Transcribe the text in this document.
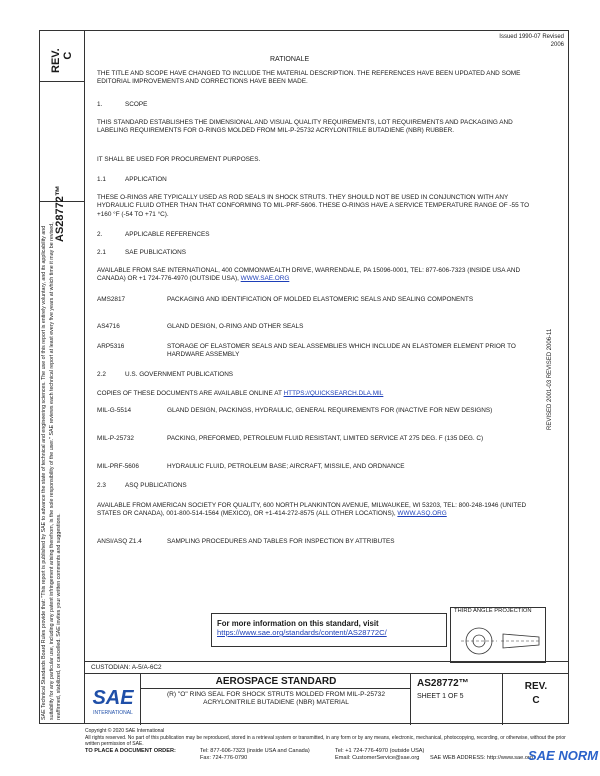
REV.
C
AS28772™
SAE Technical Standards Board Rules provide that: "This report is published by SAE to advance the state of technical and engineering sciences. The use of this report is entirely voluntary, and its applicability and suitability for any particular use, including any patent infringement arising therefrom, is the sole responsibility of the user." SAE reviews each technical report at least every five years at which time it may be revised, reaffirmed, stabilized, or cancelled. SAE invites your written comments and suggestions.
Issued 1990-07 Revised
2006
REVISED 2001-03 REVISED 2006-11
RATIONALE
THE TITLE AND SCOPE HAVE CHANGED TO INCLUDE THE MATERIAL DESCRIPTION. THE REFERENCES HAVE BEEN UPDATED AND SOME EDITORIAL IMPROVEMENTS AND CORRECTIONS HAVE BEEN MADE.
1.	SCOPE
THIS STANDARD ESTABLISHES THE DIMENSIONAL AND VISUAL QUALITY REQUIREMENTS, LOT REQUIREMENTS AND PACKAGING AND LABELING REQUIREMENTS FOR O-RINGS MOLDED FROM MIL-P-25732 ACRYLONITRILE BUTADIENE (NBR) RUBBER.
IT SHALL BE USED FOR PROCUREMENT PURPOSES.
1.1	APPLICATION
THESE O-RINGS ARE TYPICALLY USED AS ROD SEALS IN SHOCK STRUTS. THEY SHOULD NOT BE USED IN CONJUNCTION WITH ANY HYDRAULIC FLUID OTHER THAN THAT CONFORMING TO MIL-PRF-5606. THESE O-RINGS HAVE A SERVICE TEMPERATURE RANGE OF -55 TO +160 °F (-54 TO +71 °C).
2.	APPLICABLE REFERENCES
2.1	SAE PUBLICATIONS
AVAILABLE FROM SAE INTERNATIONAL, 400 COMMONWEALTH DRIVE, WARRENDALE, PA 15096-0001, TEL: 877-606-7323 (INSIDE USA AND CANADA) OR +1 724-776-4970 (OUTSIDE USA), WWW.SAE.ORG
AMS2817	PACKAGING AND IDENTIFICATION OF MOLDED ELASTOMERIC SEALS AND SEALING COMPONENTS
AS4716	GLAND DESIGN, O-RING AND OTHER SEALS
ARP5316	STORAGE OF ELASTOMER SEALS AND SEAL ASSEMBLIES WHICH INCLUDE AN ELASTOMER ELEMENT PRIOR TO HARDWARE ASSEMBLY
2.2	U.S. GOVERNMENT PUBLICATIONS
COPIES OF THESE DOCUMENTS ARE AVAILABLE ONLINE AT HTTPS://QUICKSEARCH.DLA.MIL
MIL-G-5514	GLAND DESIGN, PACKINGS, HYDRAULIC, GENERAL REQUIREMENTS FOR (INACTIVE FOR NEW DESIGNS)
MIL-P-25732	PACKING, PREFORMED, PETROLEUM FLUID RESISTANT, LIMITED SERVICE AT 275 DEG. F (135 DEG. C)
MIL-PRF-5606	HYDRAULIC FLUID, PETROLEUM BASE; AIRCRAFT, MISSILE, AND ORDNANCE
2.3	ASQ PUBLICATIONS
AVAILABLE FROM AMERICAN SOCIETY FOR QUALITY, 600 NORTH PLANKINTON AVENUE, MILWAUKEE, WI 53203, TEL: 800-248-1946 (UNITED STATES OR CANADA), 001-800-514-1564 (MEXICO), OR +1-414-272-8575 (ALL OTHER LOCATIONS), WWW.ASQ.ORG
ANSI/ASQ Z1.4	SAMPLING PROCEDURES AND TABLES FOR INSPECTION BY ATTRIBUTES
For more information on this standard, visit
https://www.sae.org/standards/content/AS28772C/
THIRD ANGLE PROJECTION
CUSTODIAN: A-5/A-6C2
SAE
INTERNATIONAL
AEROSPACE STANDARD
(R) "O" RING SEAL FOR SHOCK STRUTS MOLDED FROM MIL-P-25732 ACRYLONITRILE BUTADIENE (NBR) MATERIAL
AS28772™
SHEET 1 OF 5
REV.
C
Copyright © 2020 SAE International
All rights reserved. No part of this publication may be reproduced, stored in a retrieval system or transmitted, in any form or by any means, electronic, mechanical, photocopying, recording, or otherwise, without the prior written permission of SAE.
TO PLACE A DOCUMENT ORDER:	Tel: 877-606-7323 (inside USA and Canada)
Fax: 724-776-0790
Tel: +1 724-776-4970 (outside USA)
Email: CustomerService@sae.org SAE WEB ADDRESS: http://www.sae.org
SAE NORM
